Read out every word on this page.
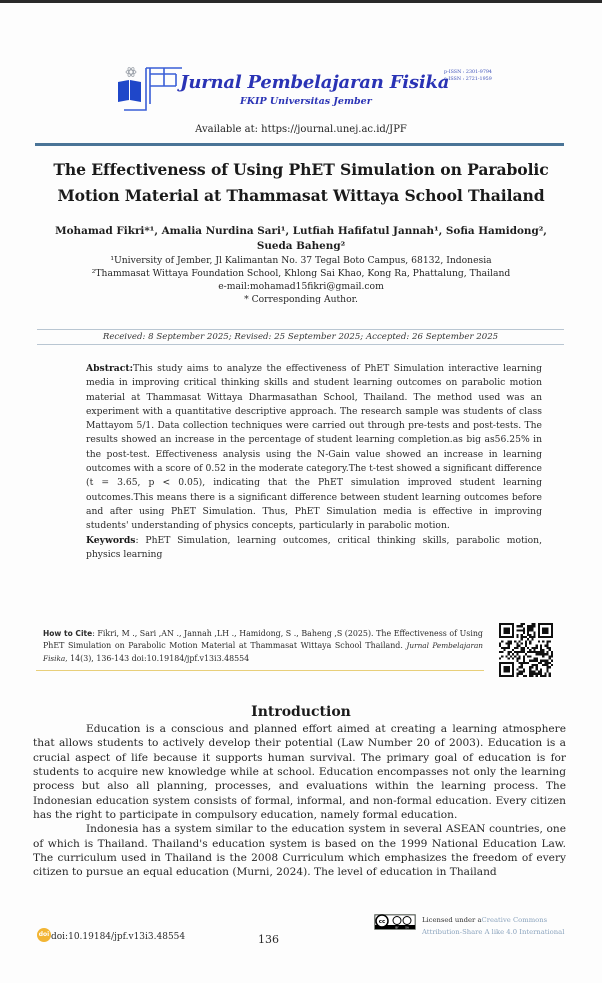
Jurnal Pembelajaran Fisika
FKIP Universitas Jember
p-ISSN : 2301-9794
e-ISSN : 2721-1959
Available at: https://journal.unej.ac.id/JPF
The Effectiveness of Using PhET Simulation on Parabolic
Motion Material at Thammasat Wittaya School Thailand
Mohamad Fikri*¹, Amalia Nurdina Sari¹, Lutfiah Hafifatul Jannah¹, Sofia Hamidong²,
Sueda Baheng²
¹University of Jember, Jl Kalimantan No. 37 Tegal Boto Campus, 68132, Indonesia
²Thammasat Wittaya Foundation School, Khlong Sai Khao, Kong Ra, Phattalung, Thailand
e-mail:mohamad15fikri@gmail.com
* Corresponding Author.
Received: 8 September 2025; Revised: 25 September 2025; Accepted: 26 September 2025
Abstract:This study aims to analyze the effectiveness of PhET Simulation interactive learning media in improving critical thinking skills and student learning outcomes on parabolic motion material at Thammasat Wittaya Dharmasathan School, Thailand. The method used was an experiment with a quantitative descriptive approach. The research sample was students of class Mattayom 5/1. Data collection techniques were carried out through pre-tests and post-tests. The results showed an increase in the percentage of student learning completion.as big as56.25% in the post-test. Effectiveness analysis using the N-Gain value showed an increase in learning outcomes with a score of 0.52 in the moderate category.The t-test showed a significant difference (t = 3.65, p < 0.05), indicating that the PhET simulation improved student learning outcomes.This means there is a significant difference between student learning outcomes before and after using PhET Simulation. Thus, PhET Simulation media is effective in improving students' understanding of physics concepts, particularly in parabolic motion.
Keywords: PhET Simulation, learning outcomes, critical thinking skills, parabolic motion, physics learning
How to Cite: Fikri, M ., Sari ,AN ., Jannah ,LH ., Hamidong, S ., Baheng ,S (2025). The Effectiveness of Using PhET Simulation on Parabolic Motion Material at Thammasat Wittaya School Thailand. Jurnal Pembelajaran Fisika, 14(3), 136-143 doi:10.19184/jpf.v13i3.48554
Introduction

Education is a conscious and planned effort aimed at creating a learning atmosphere that allows students to actively develop their potential (Law Number 20 of 2003). Education is a crucial aspect of life because it supports human survival. The primary goal of education is for students to acquire new knowledge while at school. Education encompasses not only the learning process but also all planning, processes, and evaluations within the learning process. The Indonesian education system consists of formal, informal, and non-formal education. Every citizen has the right to participate in compulsory education, namely formal education.

Indonesia has a system similar to the education system in several ASEAN countries, one of which is Thailand. Thailand's education system is based on the 1999 National Education Law. The curriculum used in Thailand is the 2008 Curriculum which emphasizes the freedom of every citizen to pursue an equal education (Murni, 2024). The level of education in Thailand

doi doi:10.19184/jpf.v13i3.48554	136
cc
BY	SA
Licensed under aCreative Commons
Attribution-Share A like 4.0 International
